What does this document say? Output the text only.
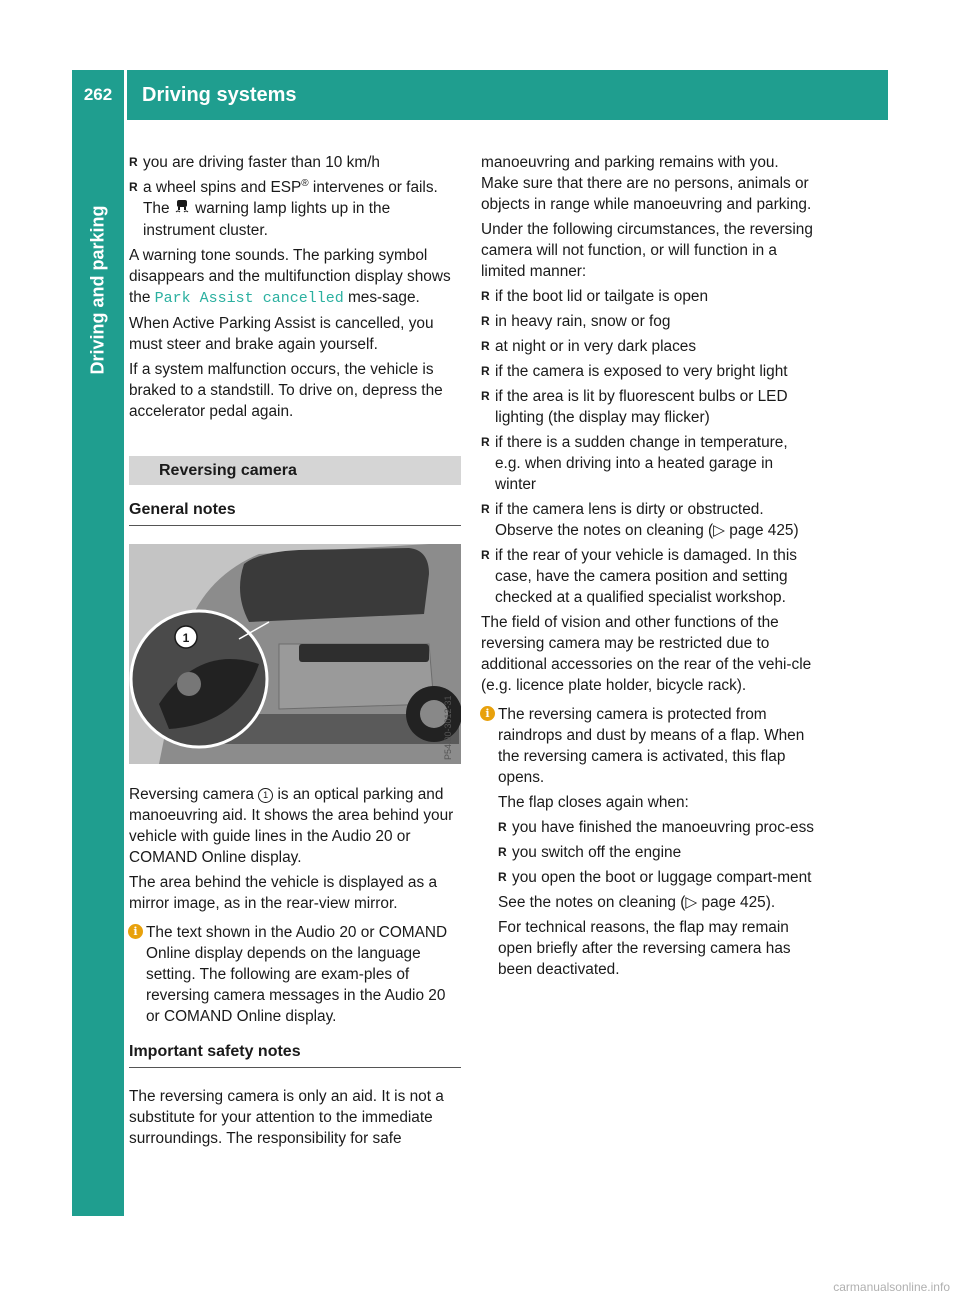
262	Driving systems
Driving and parking
R you are driving faster than 10 km/h
R a wheel spins and ESP® intervenes or fails. The  warning lamp lights up in the instrument cluster.

A warning tone sounds. The parking symbol disappears and the multifunction display shows the Park Assist cancelled mes-sage.

When Active Parking Assist is cancelled, you must steer and brake again yourself.

If a system malfunction occurs, the vehicle is braked to a standstill. To drive on, depress the accelerator pedal again.

Reversing camera
General notes
1
P54.00-3012-31

Reversing camera 1 is an optical parking and manoeuvring aid. It shows the area behind your vehicle with guide lines in the Audio 20 or COMAND Online display.

The area behind the vehicle is displayed as a mirror image, as in the rear-view mirror.

i The text shown in the Audio 20 or COMAND Online display depends on the language setting. The following are exam-ples of reversing camera messages in the Audio 20 or COMAND Online display.
Important safety notes

The reversing camera is only an aid. It is not a substitute for your attention to the immediate surroundings. The responsibility for safe

manoeuvring and parking remains with you. Make sure that there are no persons, animals or objects in range while manoeuvring and parking.

Under the following circumstances, the reversing camera will not function, or will function in a limited manner:

R if the boot lid or tailgate is open
R in heavy rain, snow or fog
R at night or in very dark places
R if the camera is exposed to very bright light
R if the area is lit by fluorescent bulbs or LED lighting (the display may flicker)
R if there is a sudden change in temperature, e.g. when driving into a heated garage in winter
R if the camera lens is dirty or obstructed. Observe the notes on cleaning (▷ page 425)
R if the rear of your vehicle is damaged. In this case, have the camera position and setting checked at a qualified specialist workshop.

The field of vision and other functions of the reversing camera may be restricted due to additional accessories on the rear of the vehi-cle (e.g. licence plate holder, bicycle rack).

i The reversing camera is protected from raindrops and dust by means of a flap. When the reversing camera is activated, this flap opens.

The flap closes again when:

R you have finished the manoeuvring proc-ess
R you switch off the engine
R you open the boot or luggage compart-ment

See the notes on cleaning (▷ page 425).

For technical reasons, the flap may remain open briefly after the reversing camera has been deactivated.

carmanualsonline.info
